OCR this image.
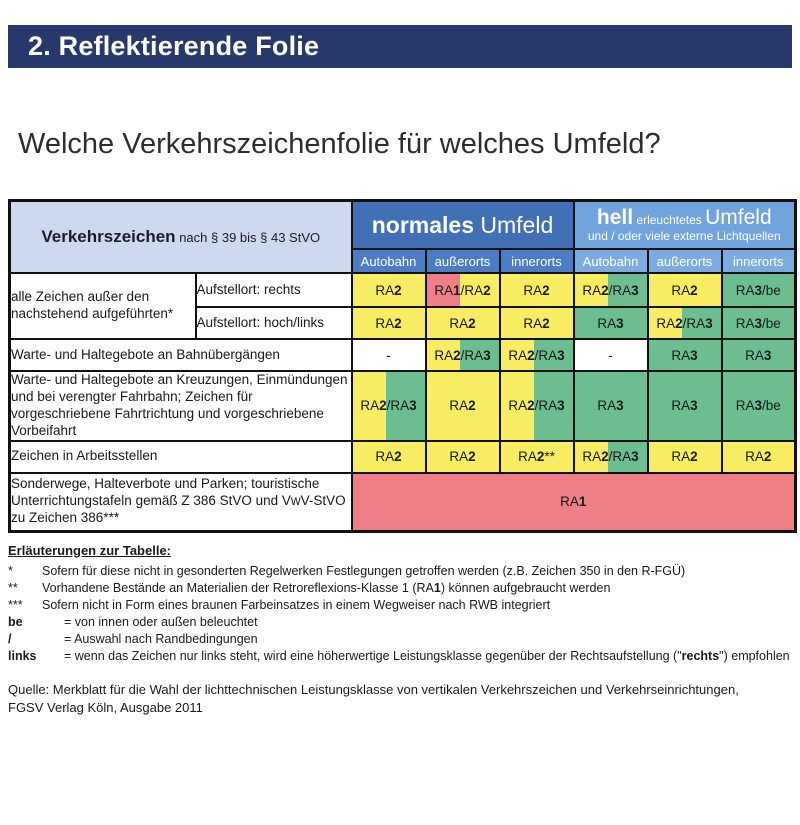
2. Reflektierende Folie
Welche Verkehrszeichenfolie für welches Umfeld?
Verkehrszeichen nach § 39 bis § 43 StVO		normales Umfeld			hell erleuchtetes Umfeld
und / oder viele externe Lichtquellen		

		Autobahn	außerorts	innerorts	Autobahn	außerorts	innerorts
alle Zeichen außer den nachstehend aufgeführten*	Aufstellort: rechts	RA2	RA1/RA2	RA2	RA2/RA3	RA2	RA3/be
	Aufstellort: hoch/links	RA2	RA2	RA2	RA3	RA2/RA3	RA3/be
Warte- und Haltegebote an Bahnübergängen		-	RA2/RA3	RA2/RA3	-	RA3	RA3
Warte- und Haltegebote an Kreuzungen, Einmündungen und bei verengter Fahrbahn; Zeichen für vorgeschriebene Fahrtrichtung und vorgeschriebene Vorbeifahrt		RA2/RA3	RA2	RA2/RA3	RA3	RA3	RA3/be
Zeichen in Arbeitsstellen		RA2	RA2	RA2**	RA2/RA3	RA2	RA2
Sonderwege, Halteverbote und Parken; touristische Unterrichtungstafeln gemäß Z 386 StVO und VwV-StVO zu Zeichen 386***		RA1					
Erläuterungen zur Tabelle:
*	Sofern für diese nicht in gesonderten Regelwerken Festlegungen getroffen werden (z.B. Zeichen 350 in den R-FGÜ)
**	Vorhandene Bestände an Materialien der Retroreflexions-Klasse 1 (RA1) können aufgebraucht werden
***	Sofern nicht in Form eines braunen Farbeinsatzes in einem Wegweiser nach RWB integriert
be	= von innen oder außen beleuchtet
/	= Auswahl nach Randbedingungen
links	= wenn das Zeichen nur links steht, wird eine höherwertige Leistungsklasse gegenüber der Rechtsaufstellung ("rechts") empfohlen
Quelle: Merkblatt für die Wahl der lichttechnischen Leistungsklasse von vertikalen Verkehrszeichen und Verkehrseinrichtungen,
FGSV Verlag Köln, Ausgabe 2011
